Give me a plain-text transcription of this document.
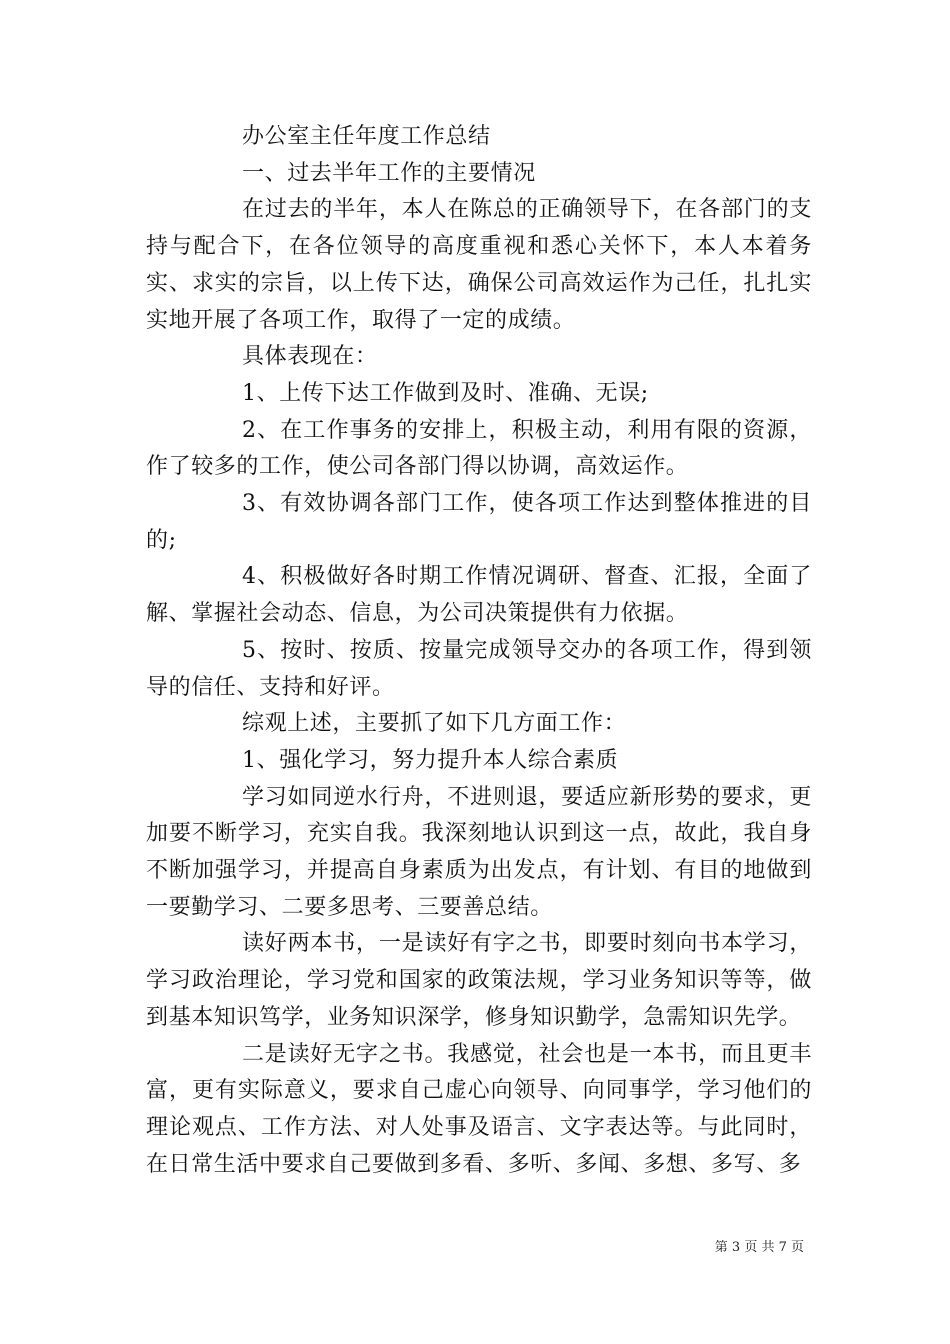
办公室主任年度工作总结

一、过去半年工作的主要情况

在过去的半年，本人在陈总的正确领导下，在各部门的支持与配合下，在各位领导的高度重视和悉心关怀下，本人本着务实、求实的宗旨，以上传下达，确保公司高效运作为己任，扎扎实实地开展了各项工作，取得了一定的成绩。

具体表现在：

1、上传下达工作做到及时、准确、无误;

2、在工作事务的安排上，积极主动，利用有限的资源，作了较多的工作，使公司各部门得以协调，高效运作。

3、有效协调各部门工作，使各项工作达到整体推进的目的;

4、积极做好各时期工作情况调研、督查、汇报，全面了解、掌握社会动态、信息，为公司决策提供有力依据。

5、按时、按质、按量完成领导交办的各项工作，得到领导的信任、支持和好评。

综观上述，主要抓了如下几方面工作：

1、强化学习，努力提升本人综合素质

学习如同逆水行舟，不进则退，要适应新形势的要求，更加要不断学习，充实自我。我深刻地认识到这一点，故此，我自身不断加强学习，并提高自身素质为出发点，有计划、有目的地做到一要勤学习、二要多思考、三要善总结。

读好两本书，一是读好有字之书，即要时刻向书本学习，学习政治理论，学习党和国家的政策法规，学习业务知识等等，做到基本知识笃学，业务知识深学，修身知识勤学，急需知识先学。

二是读好无字之书。我感觉，社会也是一本书，而且更丰富，更有实际意义，要求自己虚心向领导、向同事学，学习他们的理论观点、工作方法、对人处事及语言、文字表达等。与此同时，在日常生活中要求自己要做到多看、多听、多闻、多想、多写、多

第 3 页 共 7 页
